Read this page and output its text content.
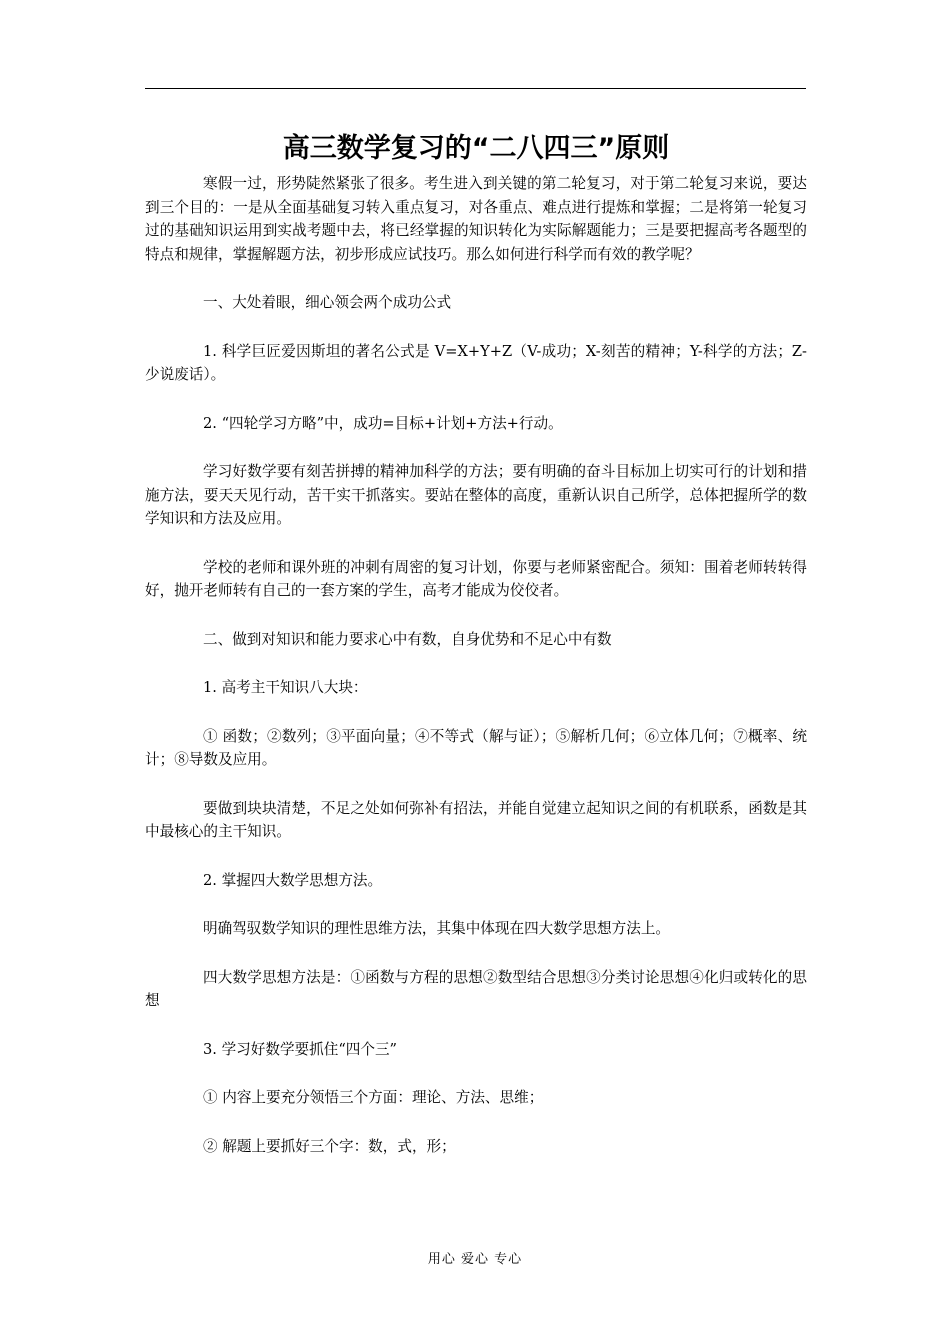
高三数学复习的“二八四三”原则

寒假一过，形势陡然紧张了很多。考生进入到关键的第二轮复习，对于第二轮复习来说，要达到三个目的：一是从全面基础复习转入重点复习，对各重点、难点进行提炼和掌握；二是将第一轮复习过的基础知识运用到实战考题中去，将已经掌握的知识转化为实际解题能力；三是要把握高考各题型的特点和规律，掌握解题方法，初步形成应试技巧。那么如何进行科学而有效的教学呢？

一、大处着眼，细心领会两个成功公式

1. 科学巨匠爱因斯坦的著名公式是 V=X+Y+Z（V-成功；X-刻苦的精神；Y-科学的方法；Z-少说废话）。

2. “四轮学习方略”中，成功=目标+计划+方法+行动。

学习好数学要有刻苦拼搏的精神加科学的方法；要有明确的奋斗目标加上切实可行的计划和措施方法，要天天见行动，苦干实干抓落实。要站在整体的高度，重新认识自己所学，总体把握所学的数学知识和方法及应用。

学校的老师和课外班的冲刺有周密的复习计划，你要与老师紧密配合。须知：围着老师转转得好，抛开老师转有自己的一套方案的学生，高考才能成为佼佼者。

二、做到对知识和能力要求心中有数，自身优势和不足心中有数

1. 高考主干知识八大块：

① 函数；②数列；③平面向量；④不等式（解与证）；⑤解析几何；⑥立体几何；⑦概率、统计；⑧导数及应用。

要做到块块清楚，不足之处如何弥补有招法，并能自觉建立起知识之间的有机联系，函数是其中最核心的主干知识。

2. 掌握四大数学思想方法。

明确驾驭数学知识的理性思维方法，其集中体现在四大数学思想方法上。

四大数学思想方法是：①函数与方程的思想②数型结合思想③分类讨论思想④化归或转化的思想

3. 学习好数学要抓住“四个三”

① 内容上要充分领悟三个方面：理论、方法、思维；

② 解题上要抓好三个字：数，式，形；

用心 爱心 专心
